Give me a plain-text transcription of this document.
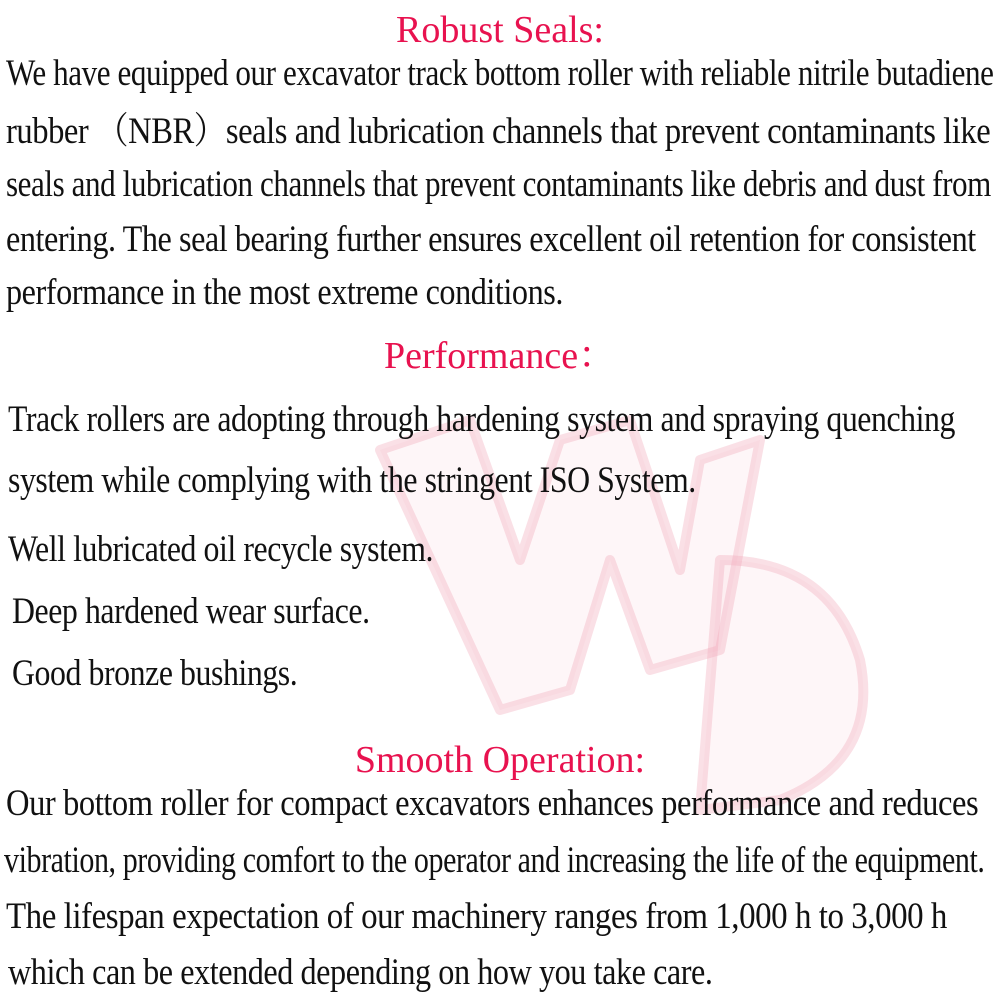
Robust Seals:
We have equipped our excavator track bottom roller with reliable nitrile butadiene
rubber （NBR）seals and lubrication channels that prevent contaminants like
seals and lubrication channels that prevent contaminants like debris and dust from
entering. The seal bearing further ensures excellent oil retention for consistent
performance in the most extreme conditions.
Performance：
Track rollers are adopting through hardening system and spraying quenching
system while complying with the stringent ISO System.
Well lubricated oil recycle system.
Deep hardened wear surface.
Good bronze bushings.
Smooth Operation:
Our bottom roller for compact excavators enhances performance and reduces
vibration, providing comfort to the operator and increasing the life of the equipment.
The lifespan expectation of our machinery ranges from 1,000 h to 3,000 h
which can be extended depending on how you take care.
